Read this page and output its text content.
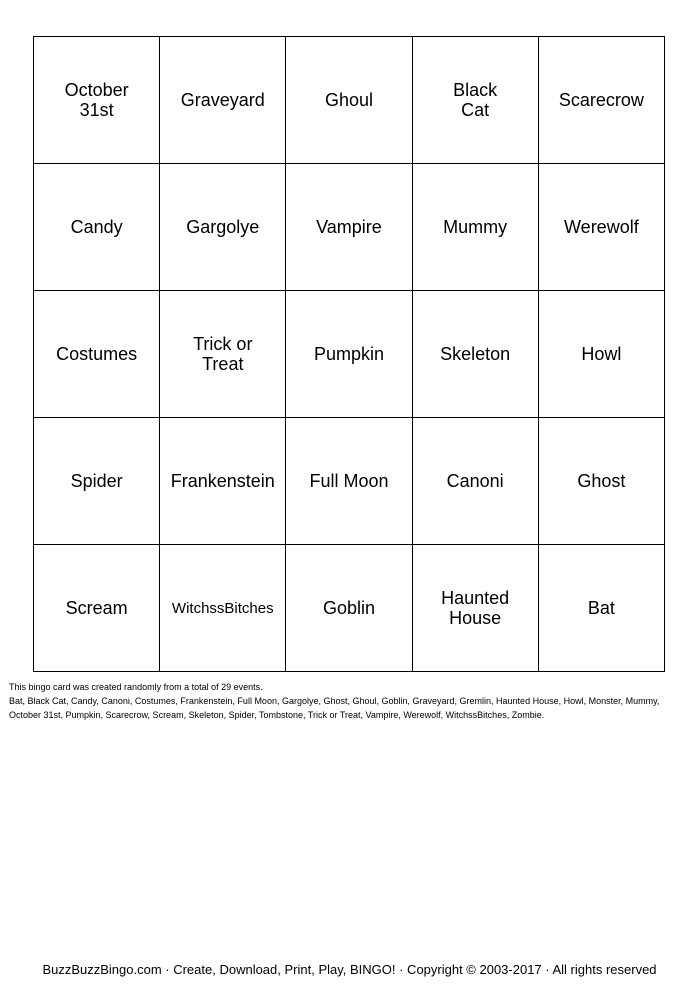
October 31st	Graveyard	Ghoul	Black Cat	Scarecrow
Candy	Gargolye	Vampire	Mummy	Werewolf
Costumes	Trick or Treat	Pumpkin	Skeleton	Howl
Spider	Frankenstein	Full Moon	Canoni	Ghost
Scream	WitchssBitches	Goblin	Haunted House	Bat
This bingo card was created randomly from a total of 29 events.
Bat, Black Cat, Candy, Canoni, Costumes, Frankenstein, Full Moon, Gargolye, Ghost, Ghoul, Goblin, Graveyard, Gremlin, Haunted House, Howl, Monster, Mummy, October 31st, Pumpkin, Scarecrow, Scream, Skeleton, Spider, Tombstone, Trick or Treat, Vampire, Werewolf, WitchssBitches, Zombie.
BuzzBuzzBingo.com · Create, Download, Print, Play, BINGO! · Copyright © 2003-2017 · All rights reserved
